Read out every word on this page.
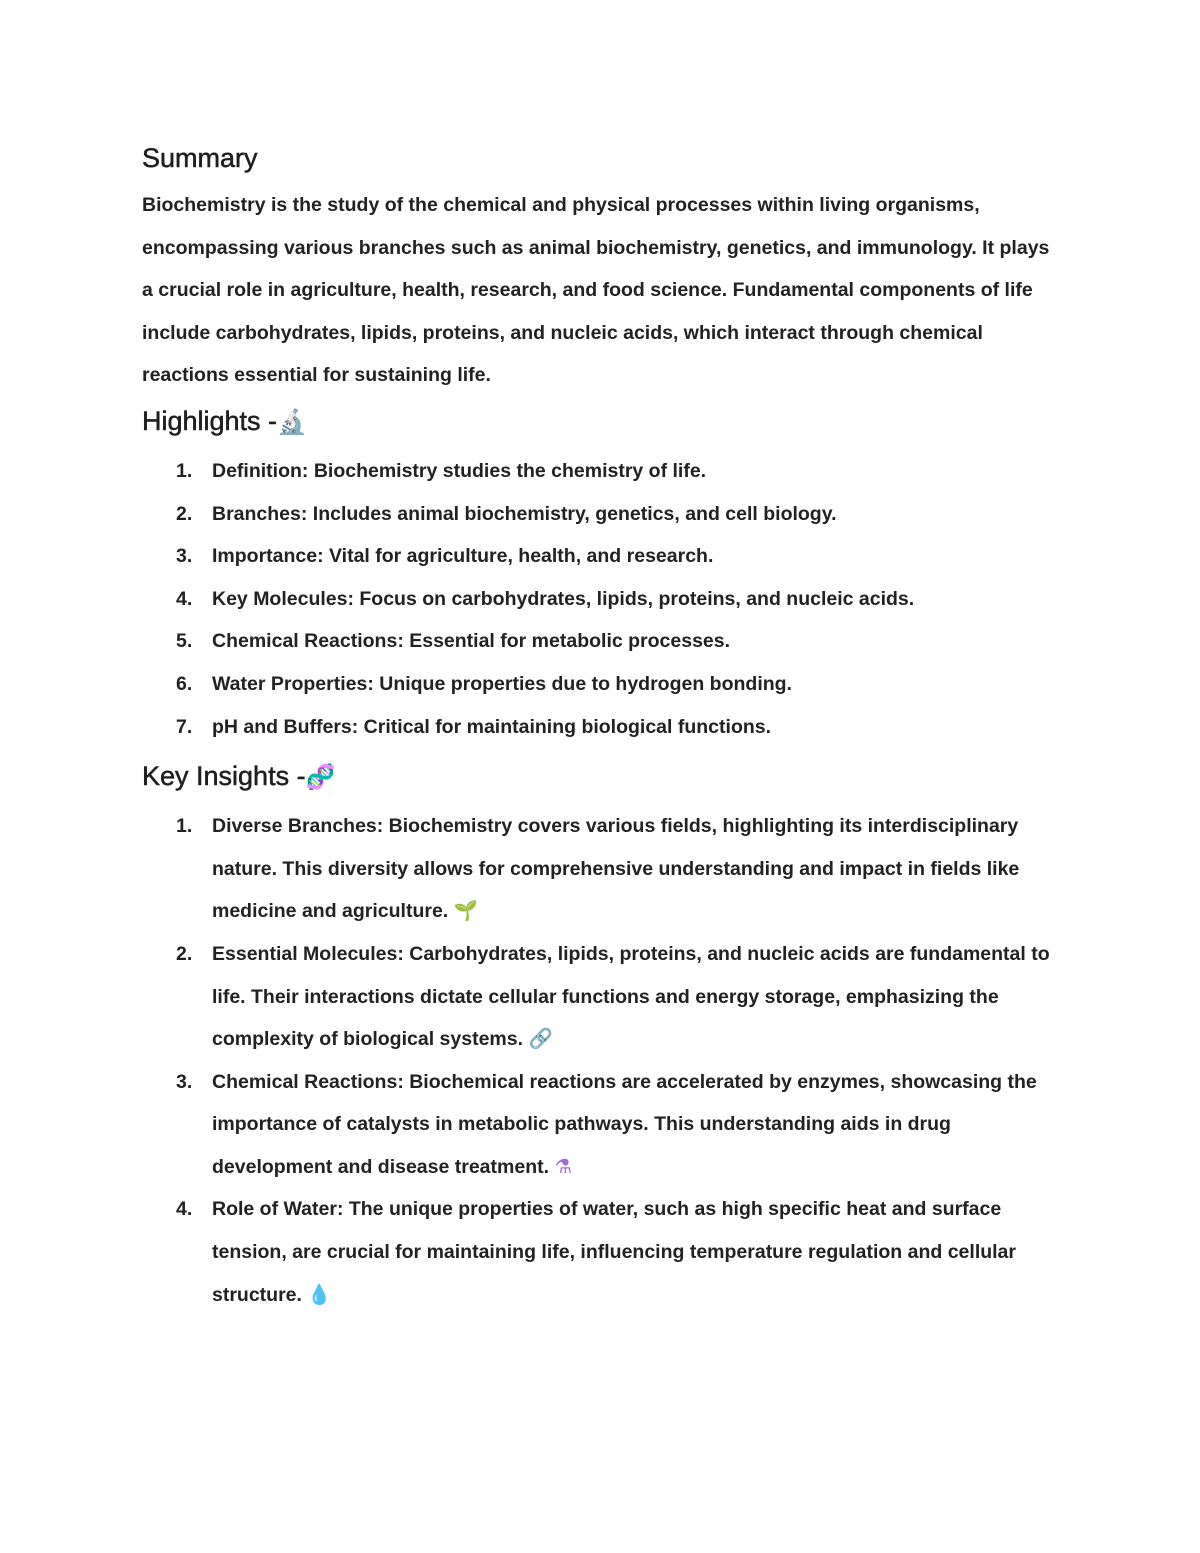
Summary

Biochemistry is the study of the chemical and physical processes within living organisms, encompassing various branches such as animal biochemistry, genetics, and immunology. It plays a crucial role in agriculture, health, research, and food science. Fundamental components of life include carbohydrates, lipids, proteins, and nucleic acids, which interact through chemical reactions essential for sustaining life.

Highlights -🔬
1. Definition: Biochemistry studies the chemistry of life.
2. Branches: Includes animal biochemistry, genetics, and cell biology.
3. Importance: Vital for agriculture, health, and research.
4. Key Molecules: Focus on carbohydrates, lipids, proteins, and nucleic acids.
5. Chemical Reactions: Essential for metabolic processes.
6. Water Properties: Unique properties due to hydrogen bonding.
7. pH and Buffers: Critical for maintaining biological functions.
Key Insights -🧬
1. Diverse Branches: Biochemistry covers various fields, highlighting its interdisciplinary nature. This diversity allows for comprehensive understanding and impact in fields like medicine and agriculture. 🌱
2. Essential Molecules: Carbohydrates, lipids, proteins, and nucleic acids are fundamental to life. Their interactions dictate cellular functions and energy storage, emphasizing the complexity of biological systems. 🔗
3. Chemical Reactions: Biochemical reactions are accelerated by enzymes, showcasing the importance of catalysts in metabolic pathways. This understanding aids in drug development and disease treatment. ⚗
4. Role of Water: The unique properties of water, such as high specific heat and surface tension, are crucial for maintaining life, influencing temperature regulation and cellular structure. 💧
